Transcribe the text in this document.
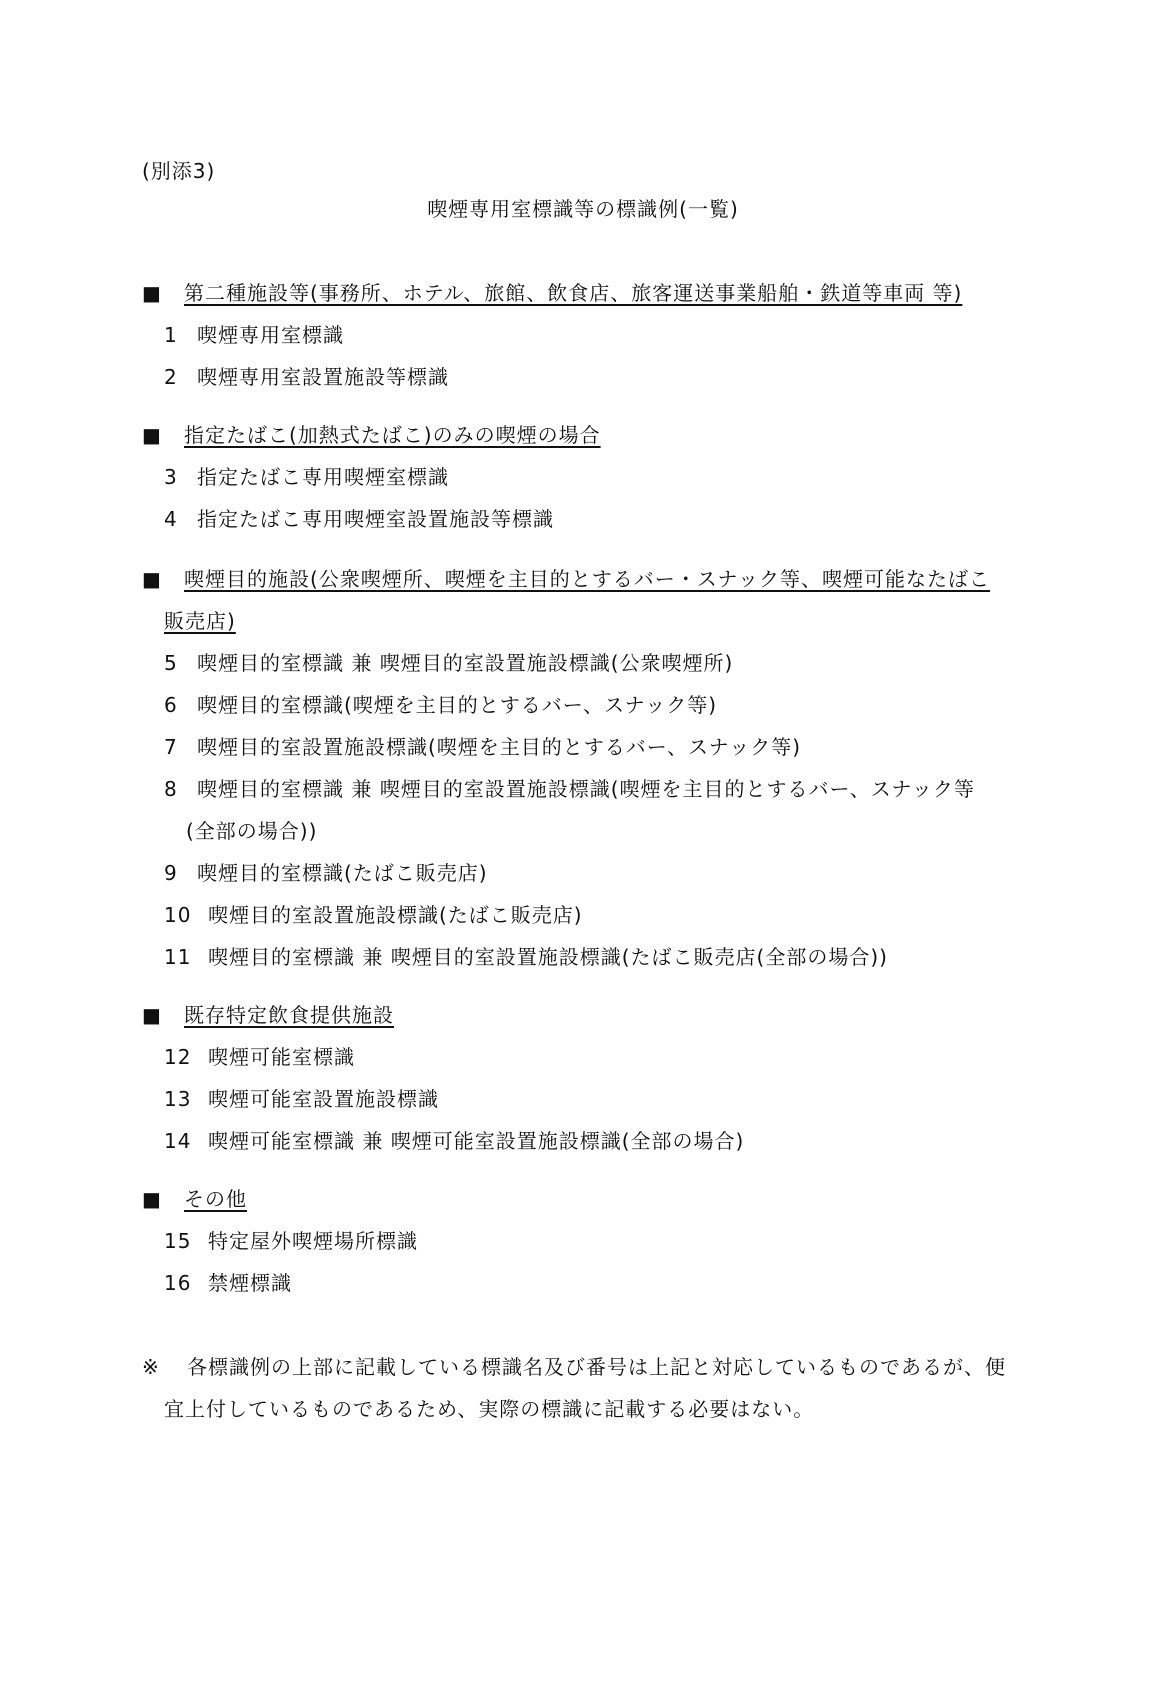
(別添3)
喫煙専用室標識等の標識例(一覧)
■ 第二種施設等(事務所、ホテル、旅館、飲食店、旅客運送事業船舶・鉄道等車両 等)
1 喫煙専用室標識
2 喫煙専用室設置施設等標識
■ 指定たばこ(加熱式たばこ)のみの喫煙の場合
3 指定たばこ専用喫煙室標識
4 指定たばこ専用喫煙室設置施設等標識
■ 喫煙目的施設(公衆喫煙所、喫煙を主目的とするバー・スナック等、喫煙可能なたばこ
販売店)
5 喫煙目的室標識 兼 喫煙目的室設置施設標識(公衆喫煙所)
6 喫煙目的室標識(喫煙を主目的とするバー、スナック等)
7 喫煙目的室設置施設標識(喫煙を主目的とするバー、スナック等)
8 喫煙目的室標識 兼 喫煙目的室設置施設標識(喫煙を主目的とするバー、スナック等
(全部の場合))
9 喫煙目的室標識(たばこ販売店)
10 喫煙目的室設置施設標識(たばこ販売店)
11 喫煙目的室標識 兼 喫煙目的室設置施設標識(たばこ販売店(全部の場合))
■ 既存特定飲食提供施設
12 喫煙可能室標識
13 喫煙可能室設置施設標識
14 喫煙可能室標識 兼 喫煙可能室設置施設標識(全部の場合)
■ その他
15 特定屋外喫煙場所標識
16 禁煙標識
※ 各標識例の上部に記載している標識名及び番号は上記と対応しているものであるが、便
宜上付しているものであるため、実際の標識に記載する必要はない。
